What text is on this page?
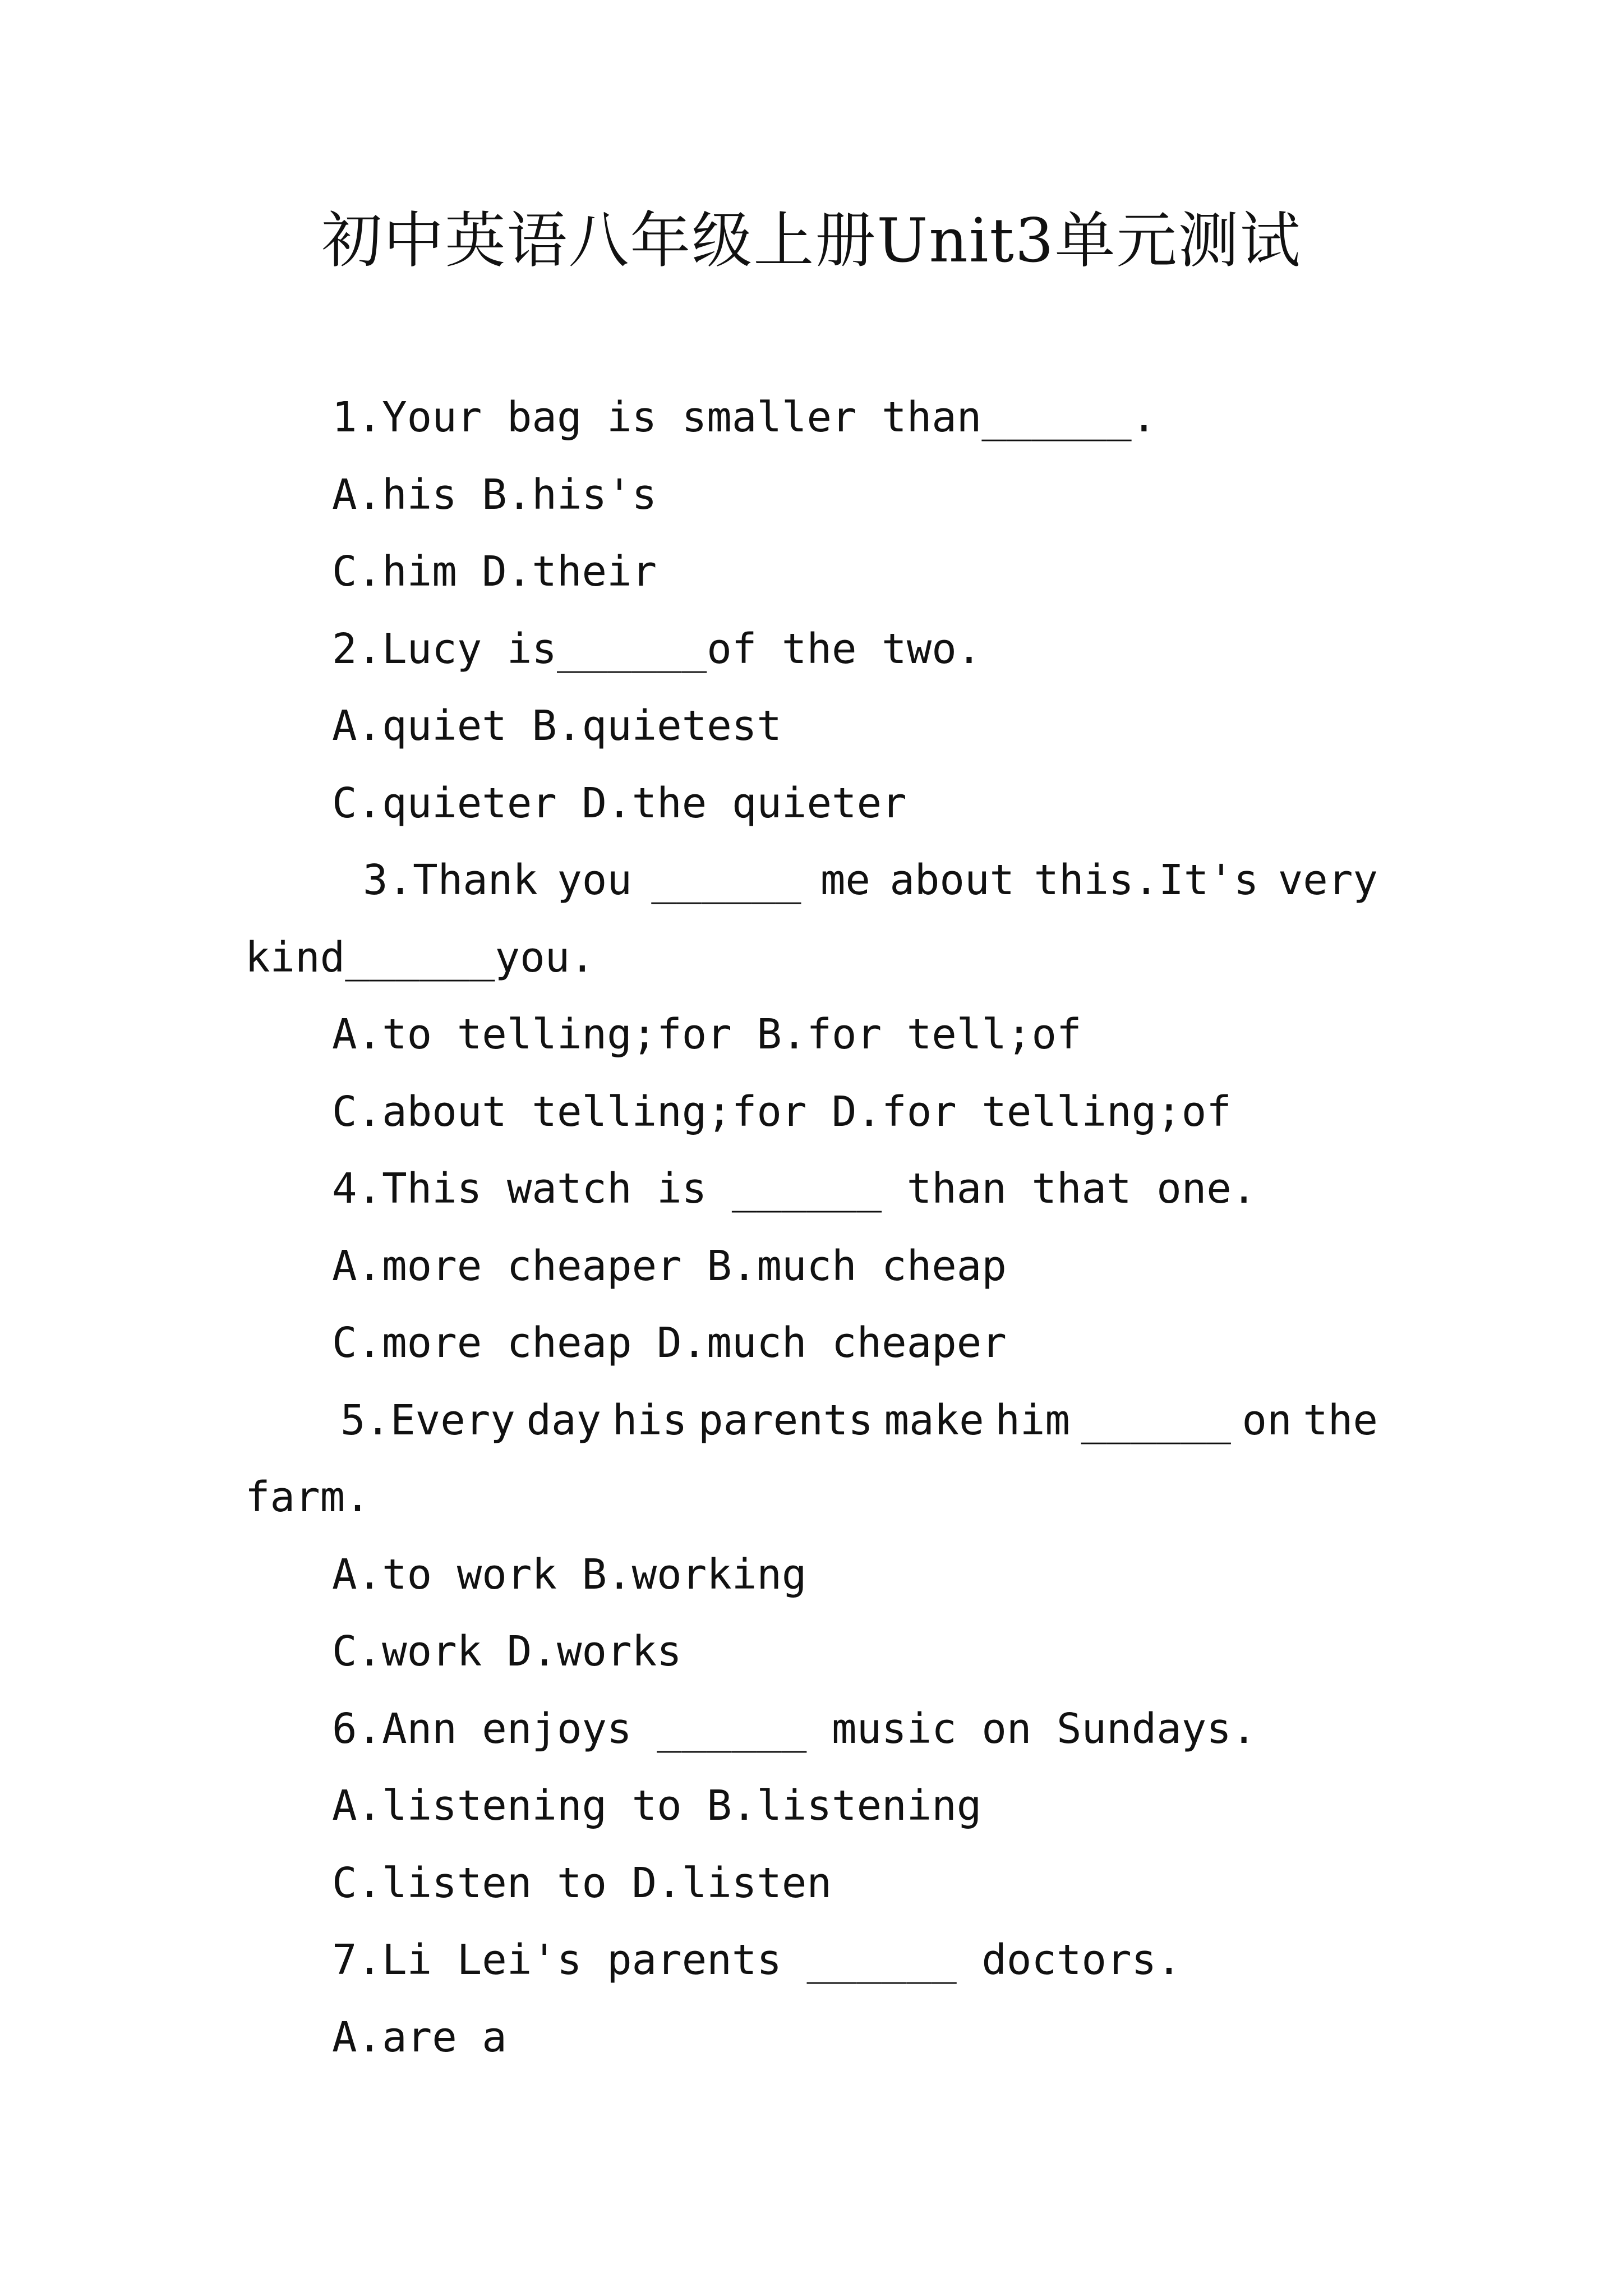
初中英语八年级上册Unit3单元测试

1.Your bag is smaller than______.

A.his B.his's

C.him D.their

2.Lucy is______of the two.

A.quiet B.quietest

C.quieter D.the quieter

3.Thank you ______ me about this.It's very

kind______you.

A.to telling;for B.for tell;of

C.about telling;for D.for telling;of

4.This watch is ______ than that one.

A.more cheaper B.much cheap

C.more cheap D.much cheaper

5.Every day his parents make him ______ on the

farm.

A.to work B.working

C.work D.works

6.Ann enjoys ______ music on Sundays.

A.listening to B.listening

C.listen to D.listen

7.Li Lei's parents ______ doctors.

A.are a
